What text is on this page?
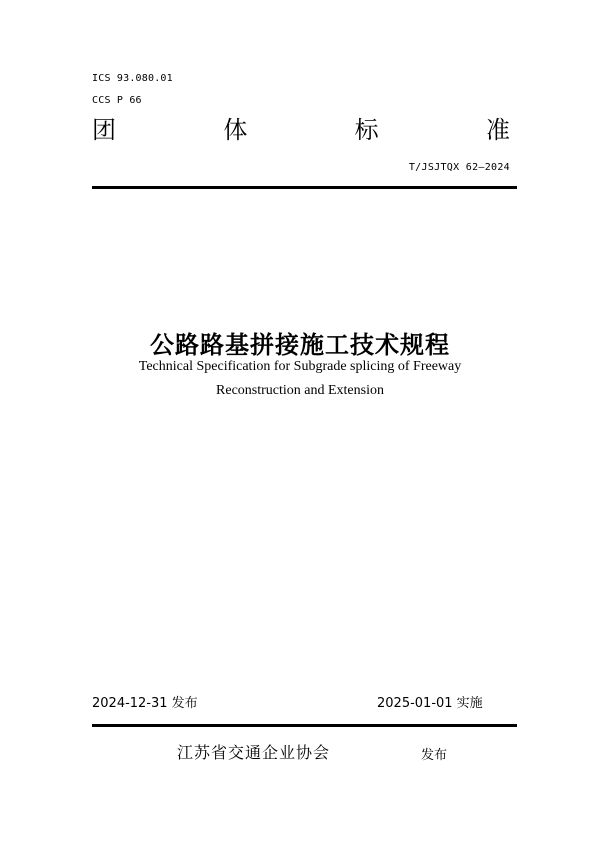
ICS 93.080.01
CCS P 66
团	体	标	准
T/JSJTQX 62—2024
公路路基拼接施工技术规程
Technical Specification for Subgrade splicing of Freeway
Reconstruction and Extension
2024-12-31 发布	2025-01-01 实施
江苏省交通企业协会	发布
